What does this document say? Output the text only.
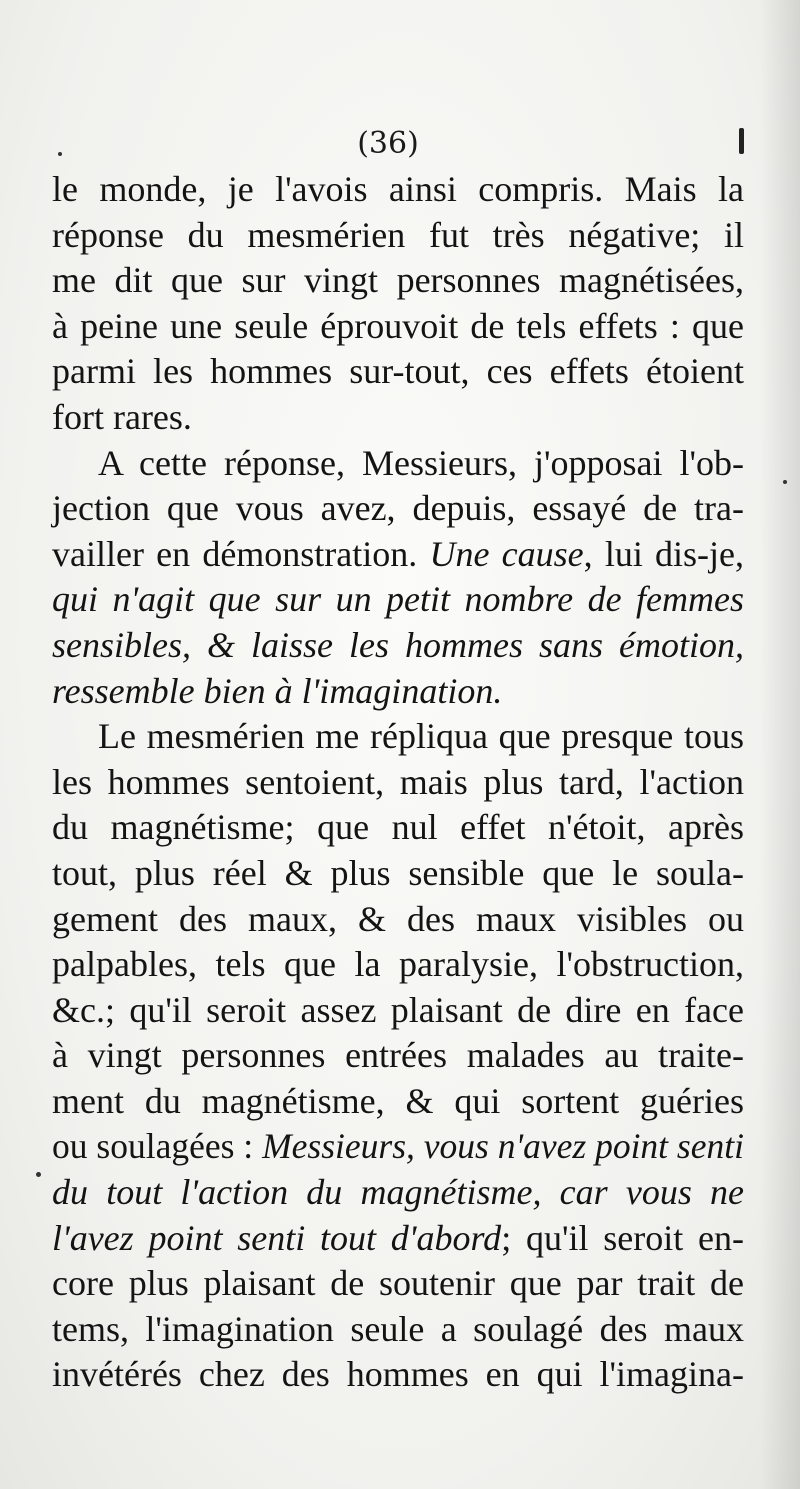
(36)
le monde, je l'avois ainsi compris. Mais la
réponse du mesmérien fut très négative; il
me dit que sur vingt personnes magnétisées,
à peine une seule éprouvoit de tels effets : que
parmi les hommes sur-tout, ces effets étoient
fort rares.
A cette réponse, Messieurs, j'opposai l'ob-
jection que vous avez, depuis, essayé de tra-
vailler en démonstration. Une cause, lui dis-je,
qui n'agit que sur un petit nombre de femmes
sensibles, & laisse les hommes sans émotion,
ressemble bien à l'imagination.
Le mesmérien me répliqua que presque tous
les hommes sentoient, mais plus tard, l'action
du magnétisme; que nul effet n'étoit, après
tout, plus réel & plus sensible que le soula-
gement des maux, & des maux visibles ou
palpables, tels que la paralysie, l'obstruction,
&c.; qu'il seroit assez plaisant de dire en face
à vingt personnes entrées malades au traite-
ment du magnétisme, & qui sortent guéries
ou soulagées : Messieurs, vous n'avez point senti
du tout l'action du magnétisme, car vous ne
l'avez point senti tout d'abord; qu'il seroit en-
core plus plaisant de soutenir que par trait de
tems, l'imagination seule a soulagé des maux
invétérés chez des hommes en qui l'imagina-
